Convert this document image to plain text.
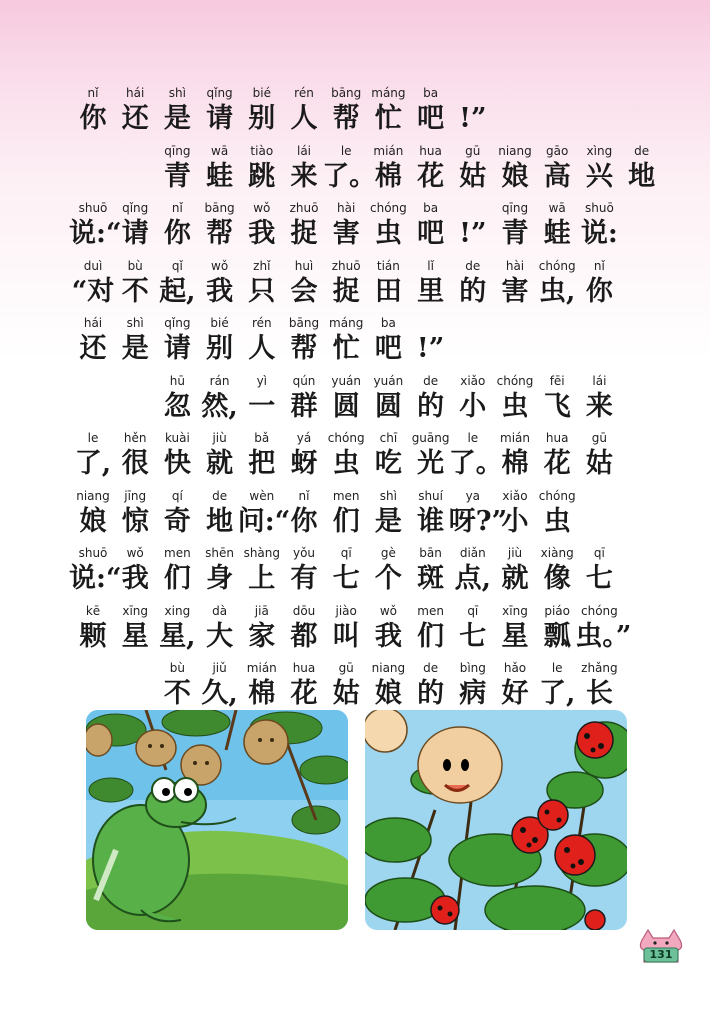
nǐ
你
hái
还
shì
是
qǐng
请
bié
别
rén
人
bāng
帮
máng
忙
ba
吧 !”
qīng
青
wā
蛙
tiào
跳
lái
来
le
了。
mián
棉
hua
花
gū
姑
niang
娘
gāo
高
xìng
兴
de
地
shuō
说:“
qǐng
请
nǐ
你
bāng
帮
wǒ
我
zhuō
捉
hài
害
chóng
虫
ba
吧 !”
qīng
青
wā
蛙
shuō
说:
duì
“对
bù
不
qǐ
起,
wǒ
我
zhǐ
只
huì
会
zhuō
捉
tián
田
lǐ
里
de
的
hài
害
chóng
虫,
nǐ
你
hái
还
shì
是
qǐng
请
bié
别
rén
人
bāng
帮
máng
忙
ba
吧 !”
hū
忽
rán
然,
yì
一
qún
群
yuán
圆
yuán
圆
de
的
xiǎo
小
chóng
虫
fēi
飞
lái
来
le
了,
hěn
很
kuài
快
jiù
就
bǎ
把
yá
蚜
chóng
虫
chī
吃
guāng
光
le
了。
mián
棉
hua
花
gū
姑
niang
娘
jīng
惊
qí
奇
de
地
wèn
问:“
nǐ
你
men
们
shì
是
shuí
谁
ya
呀?”
xiǎo
小
chóng
虫
shuō
说:“
wǒ
我
men
们
shēn
身
shàng
上
yǒu
有
qī
七
gè
个
bān
斑
diǎn
点,
jiù
就
xiàng
像
qī
七
kē
颗
xīng
星
xing
星,
dà
大
jiā
家
dōu
都
jiào
叫
wǒ
我
men
们
qī
七
xīng
星
piáo
瓢
chóng
虫。”
bù
不
jiǔ
久,
mián
棉
hua
花
gū
姑
niang
娘
de
的
bìng
病
hǎo
好
le
了,
zhǎng
长
131
